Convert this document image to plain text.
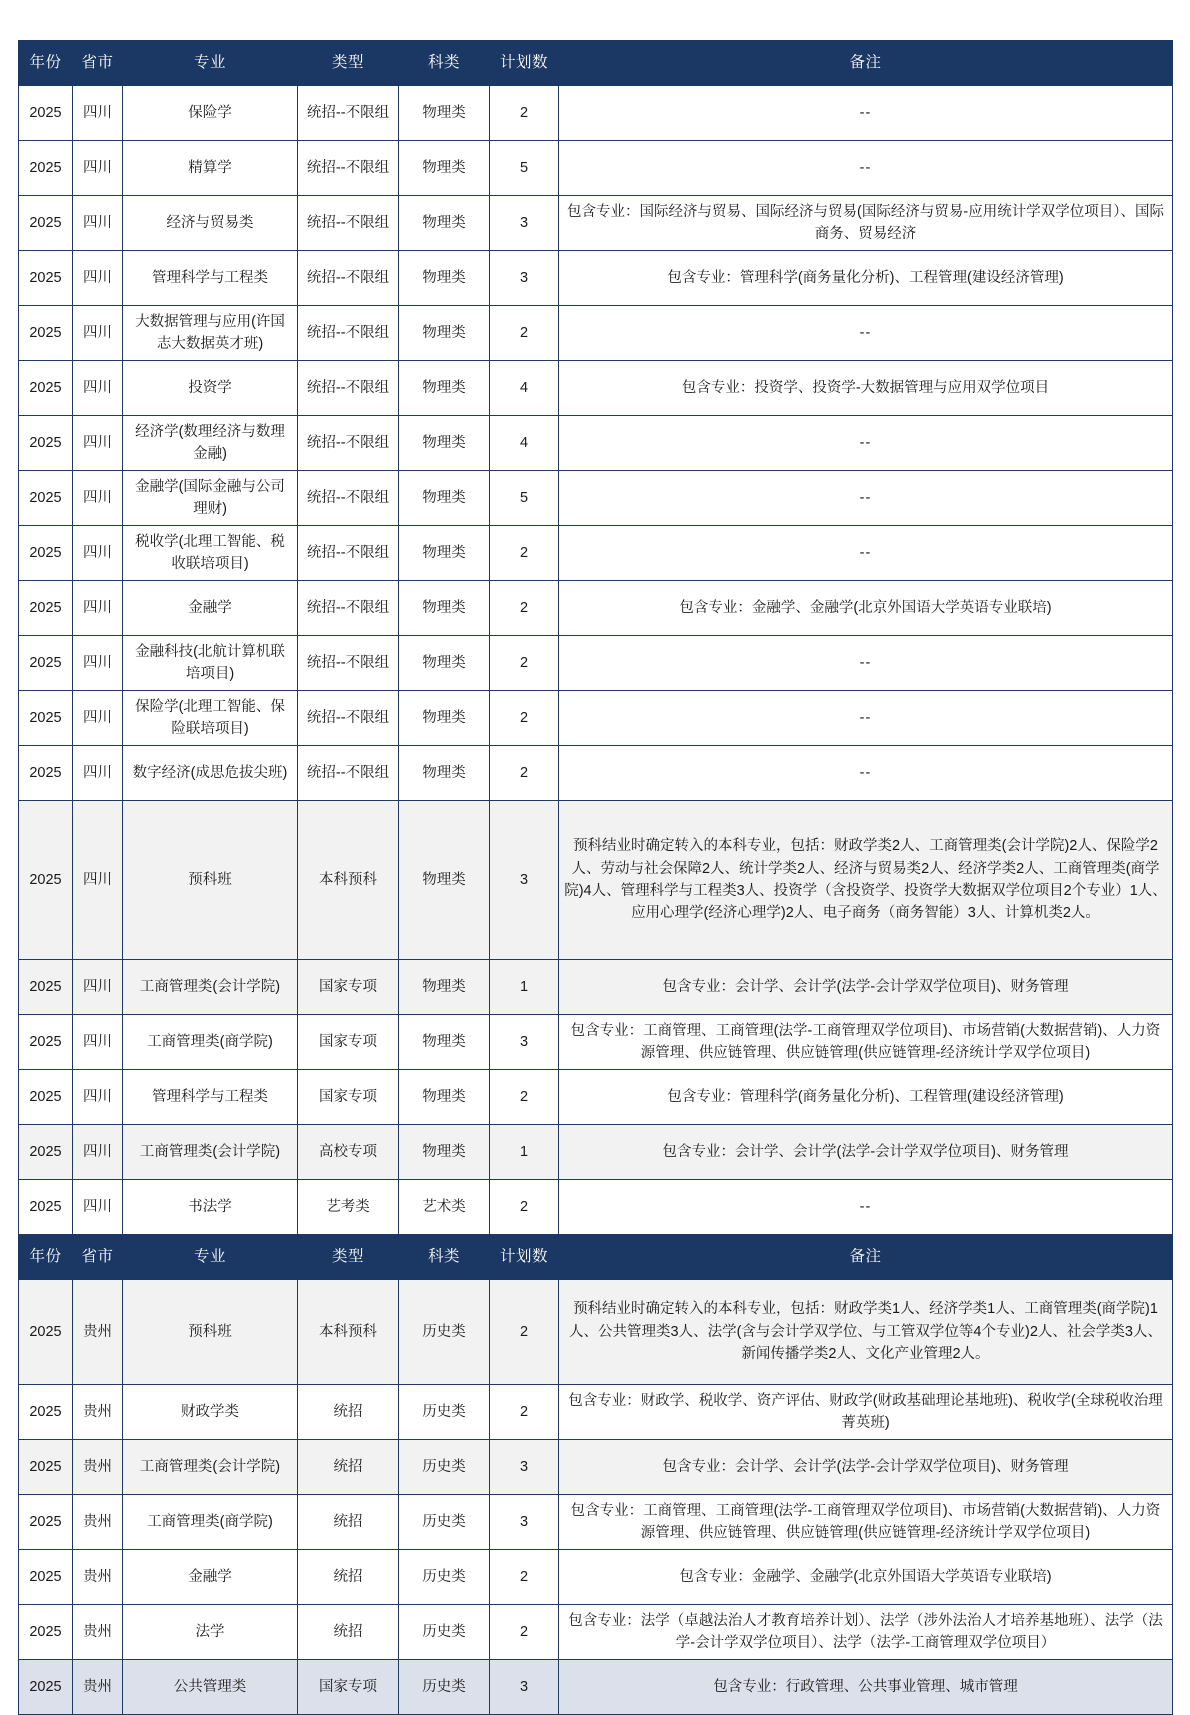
年份	省市	专业	类型	科类	计划数	备注
2025	四川	保险学	统招--不限组	物理类	2	--
2025	四川	精算学	统招--不限组	物理类	5	--
2025	四川	经济与贸易类	统招--不限组	物理类	3	包含专业：国际经济与贸易、国际经济与贸易(国际经济与贸易-应用统计学双学位项目）、国际商务、贸易经济
2025	四川	管理科学与工程类	统招--不限组	物理类	3	包含专业：管理科学(商务量化分析)、工程管理(建设经济管理)
2025	四川	大数据管理与应用(许国志大数据英才班)	统招--不限组	物理类	2	--
2025	四川	投资学	统招--不限组	物理类	4	包含专业：投资学、投资学-大数据管理与应用双学位项目
2025	四川	经济学(数理经济与数理金融)	统招--不限组	物理类	4	--
2025	四川	金融学(国际金融与公司理财)	统招--不限组	物理类	5	--
2025	四川	税收学(北理工智能、税收联培项目)	统招--不限组	物理类	2	--
2025	四川	金融学	统招--不限组	物理类	2	包含专业：金融学、金融学(北京外国语大学英语专业联培)
2025	四川	金融科技(北航计算机联培项目)	统招--不限组	物理类	2	--
2025	四川	保险学(北理工智能、保险联培项目)	统招--不限组	物理类	2	--
2025	四川	数字经济(成思危拔尖班)	统招--不限组	物理类	2	--
2025	四川	预科班	本科预科	物理类	3	预科结业时确定转入的本科专业，包括：财政学类2人、工商管理类(会计学院)2人、保险学2人、劳动与社会保障2人、统计学类2人、经济与贸易类2人、经济学类2人、工商管理类(商学院)4人、管理科学与工程类3人、投资学（含投资学、投资学大数据双学位项目2个专业）1人、应用心理学(经济心理学)2人、电子商务（商务智能）3人、计算机类2人。
2025	四川	工商管理类(会计学院)	国家专项	物理类	1	包含专业：会计学、会计学(法学-会计学双学位项目)、财务管理
2025	四川	工商管理类(商学院)	国家专项	物理类	3	包含专业：工商管理、工商管理(法学-工商管理双学位项目)、市场营销(大数据营销)、人力资源管理、供应链管理、供应链管理(供应链管理-经济统计学双学位项目)
2025	四川	管理科学与工程类	国家专项	物理类	2	包含专业：管理科学(商务量化分析)、工程管理(建设经济管理)
2025	四川	工商管理类(会计学院)	高校专项	物理类	1	包含专业：会计学、会计学(法学-会计学双学位项目)、财务管理
2025	四川	书法学	艺考类	艺术类	2	--
年份	省市	专业	类型	科类	计划数	备注
2025	贵州	预科班	本科预科	历史类	2	预科结业时确定转入的本科专业，包括：财政学类1人、经济学类1人、工商管理类(商学院)1人、公共管理类3人、法学(含与会计学双学位、与工管双学位等4个专业)2人、社会学类3人、新闻传播学类2人、文化产业管理2人。
2025	贵州	财政学类	统招	历史类	2	包含专业：财政学、税收学、资产评估、财政学(财政基础理论基地班)、税收学(全球税收治理菁英班)
2025	贵州	工商管理类(会计学院)	统招	历史类	3	包含专业：会计学、会计学(法学-会计学双学位项目)、财务管理
2025	贵州	工商管理类(商学院)	统招	历史类	3	包含专业：工商管理、工商管理(法学-工商管理双学位项目)、市场营销(大数据营销)、人力资源管理、供应链管理、供应链管理(供应链管理-经济统计学双学位项目)
2025	贵州	金融学	统招	历史类	2	包含专业：金融学、金融学(北京外国语大学英语专业联培)
2025	贵州	法学	统招	历史类	2	包含专业：法学（卓越法治人才教育培养计划）、法学（涉外法治人才培养基地班）、法学（法学-会计学双学位项目）、法学（法学-工商管理双学位项目）
2025	贵州	公共管理类	国家专项	历史类	3	包含专业：行政管理、公共事业管理、城市管理
